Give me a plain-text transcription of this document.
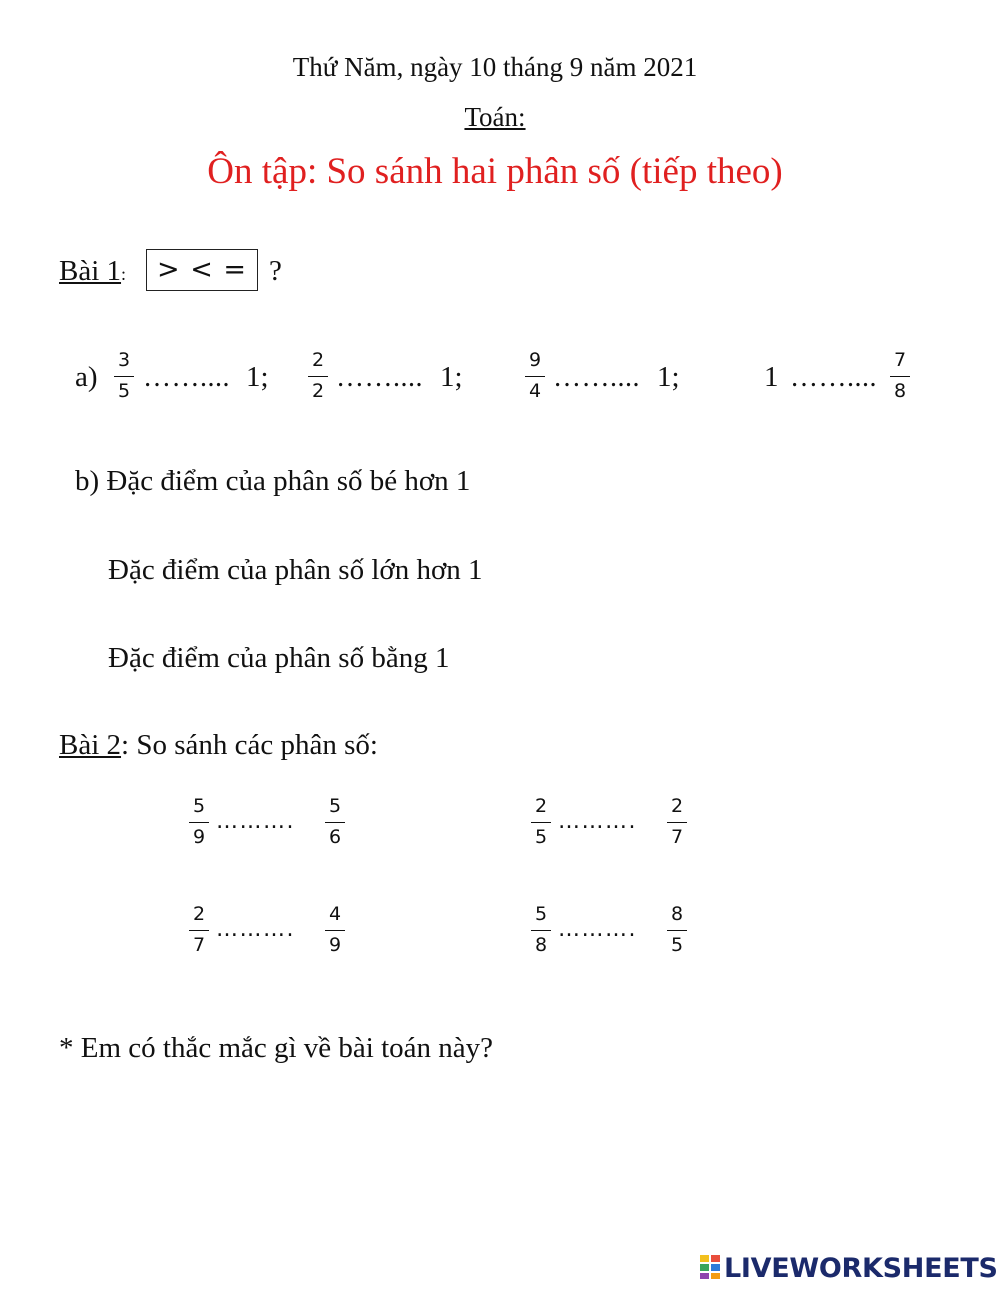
Thứ Năm, ngày 10 tháng 9 năm 2021
Toán:
Ôn tập: So sánh hai phân số (tiếp theo)
Bài 1:	> < = ?
a)
3
5 …….... 1;
2
2 …….... 1;
9
4 …….... 1;	1 ……....
7
8
b) Đặc điểm của phân số bé hơn 1
Đặc điểm của phân số lớn hơn 1
Đặc điểm của phân số bằng 1
Bài 2: So sánh các phân số:
5
9
……….
5
6
2
5
……….
2
7
2
7
……….
4
9
5
8
……….
8
5
* Em có thắc mắc gì về bài toán này?
LIVEWORKSHEETS
